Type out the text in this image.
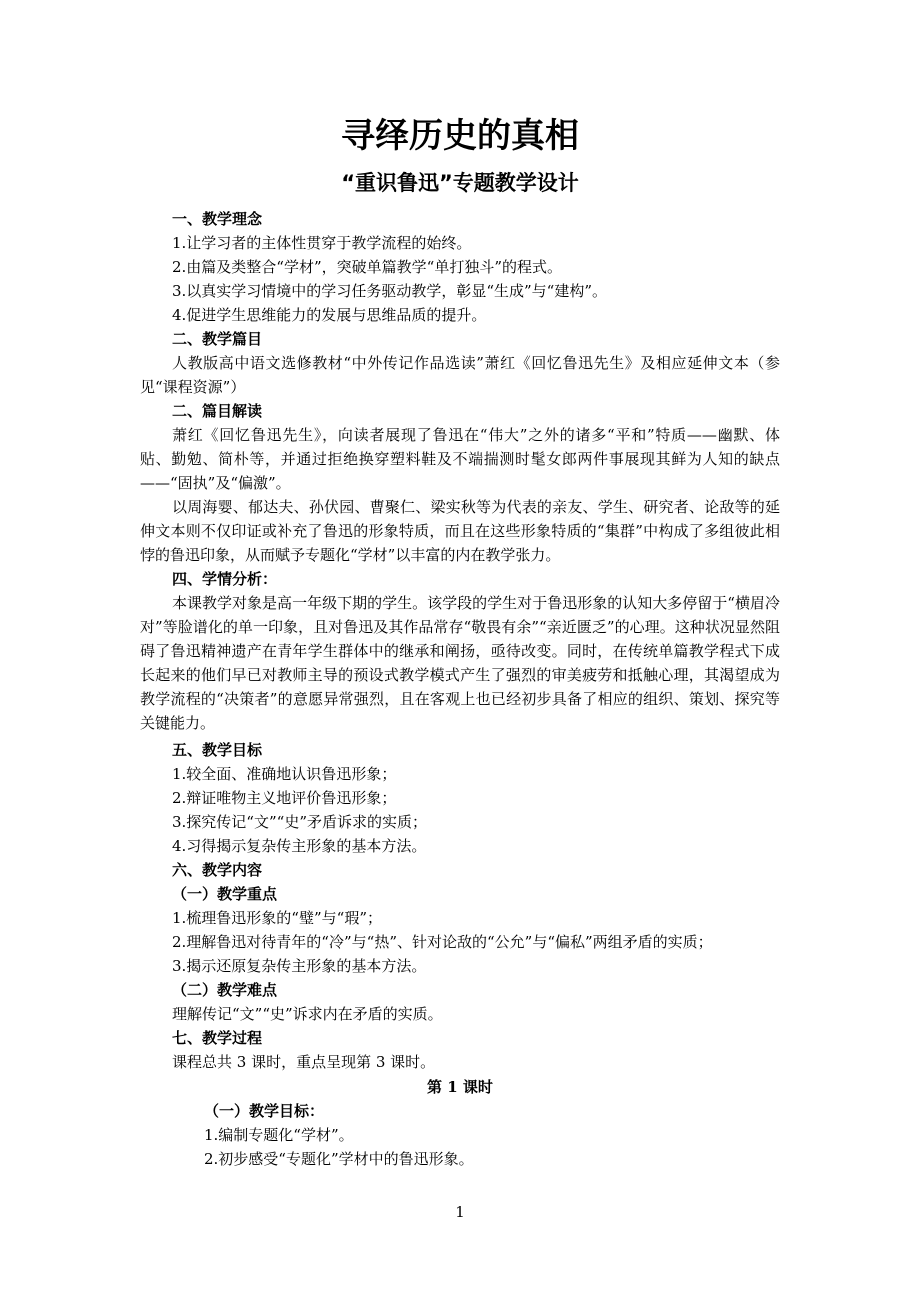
寻绎历史的真相
“重识鲁迅”专题教学设计
一、教学理念
1.让学习者的主体性贯穿于教学流程的始终。
2.由篇及类整合“学材”，突破单篇教学“单打独斗”的程式。
3.以真实学习情境中的学习任务驱动教学，彰显“生成”与“建构”。
4.促进学生思维能力的发展与思维品质的提升。
二、教学篇目
人教版高中语文选修教材“中外传记作品选读”萧红《回忆鲁迅先生》及相应延伸文本（参见“课程资源”）
二、篇目解读
萧红《回忆鲁迅先生》，向读者展现了鲁迅在“伟大”之外的诸多“平和”特质——幽默、体贴、勤勉、简朴等，并通过拒绝换穿塑料鞋及不端揣测时髦女郎两件事展现其鲜为人知的缺点——“固执”及“偏激”。
以周海婴、郁达夫、孙伏园、曹聚仁、梁实秋等为代表的亲友、学生、研究者、论敌等的延伸文本则不仅印证或补充了鲁迅的形象特质，而且在这些形象特质的“集群”中构成了多组彼此相悖的鲁迅印象，从而赋予专题化“学材”以丰富的内在教学张力。
四、学情分析：
本课教学对象是高一年级下期的学生。该学段的学生对于鲁迅形象的认知大多停留于“横眉冷对”等脸谱化的单一印象，且对鲁迅及其作品常存“敬畏有余”“亲近匮乏”的心理。这种状况显然阻碍了鲁迅精神遗产在青年学生群体中的继承和阐扬，亟待改变。同时，在传统单篇教学程式下成长起来的他们早已对教师主导的预设式教学模式产生了强烈的审美疲劳和抵触心理，其渴望成为教学流程的“决策者”的意愿异常强烈，且在客观上也已经初步具备了相应的组织、策划、探究等关键能力。
五、教学目标
1.较全面、准确地认识鲁迅形象；
2.辩证唯物主义地评价鲁迅形象；
3.探究传记“文”“史”矛盾诉求的实质；
4.习得揭示复杂传主形象的基本方法。
六、教学内容
（一）教学重点
1.梳理鲁迅形象的“璧”与“瑕”；
2.理解鲁迅对待青年的“冷”与“热”、针对论敌的“公允”与“偏私”两组矛盾的实质；
3.揭示还原复杂传主形象的基本方法。
（二）教学难点
理解传记“文”“史”诉求内在矛盾的实质。
七、教学过程
课程总共 3 课时，重点呈现第 3 课时。
第 1 课时
（一）教学目标：
1.编制专题化“学材”。
2.初步感受“专题化”学材中的鲁迅形象。
1
